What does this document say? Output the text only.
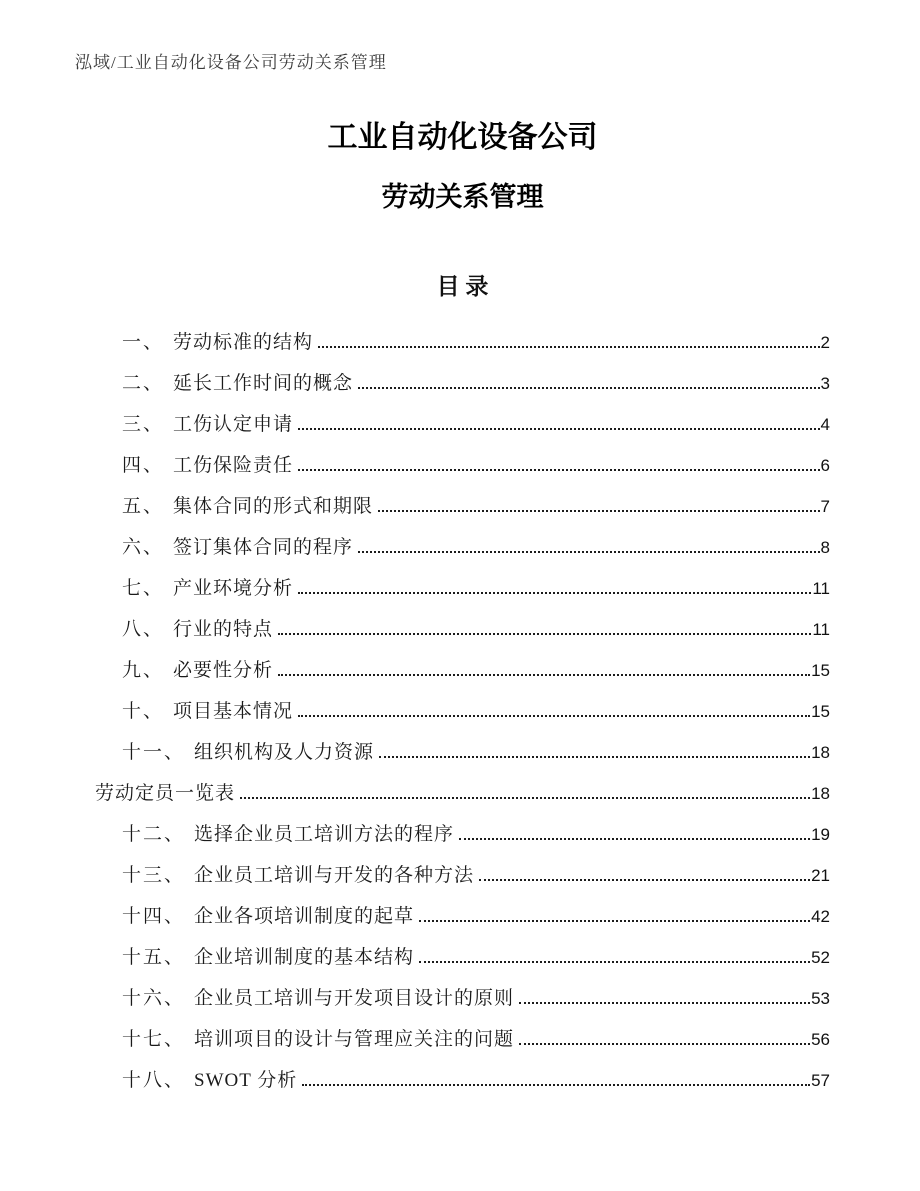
泓域/工业自动化设备公司劳动关系管理
工业自动化设备公司
劳动关系管理
目 录
一、 劳动标准的结构	2
二、 延长工作时间的概念	3
三、 工伤认定申请	4
四、 工伤保险责任	6
五、 集体合同的形式和期限	7
六、 签订集体合同的程序	8
七、 产业环境分析	11
八、 行业的特点	11
九、 必要性分析	15
十、 项目基本情况	15
十一、 组织机构及人力资源	18
劳动定员一览表	18
十二、 选择企业员工培训方法的程序	19
十三、 企业员工培训与开发的各种方法	21
十四、 企业各项培训制度的起草	42
十五、 企业培训制度的基本结构	52
十六、 企业员工培训与开发项目设计的原则	53
十七、 培训项目的设计与管理应关注的问题	56
十八、 SWOT 分析	57
